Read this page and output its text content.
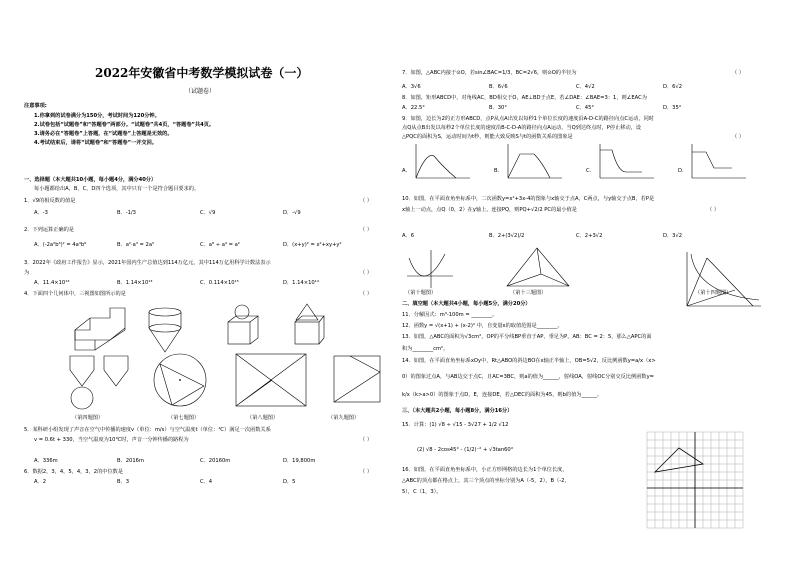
2022年安徽省中考数学模拟试卷（一）
（试题卷）
注意事项:
1.你拿到的试卷满分为150分，考试时间为120分钟。
2.试卷包括“试题卷”和“答题卷”两部分。“试题卷”共4页，“答题卷”共4页。
3.请务必在“答题卷”上答题，在“试题卷”上答题是无效的。
4.考试结束后，请将“试题卷”和“答题卷”一并交回。
一、选择题（本大题共10小题，每小题4分，满分40分）
每小题都给出A，B，C，D四个选项，其中只有一个是符合题目要求的。
1．√9的相反数的值是	（ ）
A．-3	B．-1/3	C．√9	D．-√9
2．下列运算正确的是	（ ）
A．(-2a²b³)² = 4a⁴b⁶	B．a²·a³ = 2a⁵	C．a⁸ ÷ a⁴ = a²	D．(x+y)² = x²+xy+y²
3．2022年《政府工作报告》显示，2021年国内生产总值达到114万亿元，其中114万亿用科学计数法表示
为	（ ）
A．11.4×10¹³	B．1.14×10¹³	C．0.114×10¹⁵	D．1.14×10¹⁴
4．下面四个几何体中，三视图如图所示的是	（ ）
（第四题图）	（第七题图）	（第八题图）	（第九题图）
5．某科研小组发现了声音在空气中传播的速度v（单位：m/s）与空气温度t（单位：℃）满足一次函数关系
v = 0.6t + 330，当空气温度为10℃时，声音一分钟传播的路程为	（ ）
A．336m	B．2016m	C．20160m	D．19,800m
6．数据2，3，4，5，4，3，2的中位数是	（ ）
A．2	B．3	C．4	D．5
7．如图，△ABC内接于⊙O，若sin∠BAC=1/3，BC=2√6，则⊙O的半径为	（ ）
A．3√6	B．6√6	C．4√2	D．6√2
8．如图，矩形ABCD中，对角线AC，BD相交于O，AE⊥BD于点E，若∠DAE：∠BAE=3：1，则∠EAC为
A．22.5°	B．30°	C．45°	D．35°
9．如图，边长为2的正方形ABCD，点P从点A出发以每秒1个单位长度的速度沿A-D-C的路径向点C运动，同时
点Q从点B出发以每秒2个单位长度的速度沿B-C-D-A的路径向点A运动，当Q到达终点时，P停止移动，设
△PQC的面积为S，运动时间为t秒，则能大致反映S与t的函数关系的图象是	（ ）
A.	B.	C.	D.
10．如图，在平面直角坐标系中，二次函数y=x²+3x-4的图象与x轴交于点A，C两点，与y轴交于点B，若P是
x轴上一动点，点Q（0，2）在y轴上，连接PQ，则PQ+√2/2 PC的最小值是	（ ）
A．6	B．2+(3√2)/2	C．2+3√2	D．3√2
（第十题图）	（第十三题图）	（第十四题图）
二、填空题（本大题共4小题，每小题5分，满分20分）
11．分解因式：m³-100m = ________。
12．函数y = √(x+1) + (x-2)⁰ 中，自变量x的取值范围是________。
13．如图，△ABC的面积为√3cm²，OP的平分线BP垂直于AP，垂足为P，AB：BC = 2：5，那么△APC的面
积为________cm²。
14．如图，在平面直角坐标系xOy中，Rt△ABO的斜边BO在x轴正半轴上，OB=5√2，反比例函数y=a/x（x>
0）的图象过点A，与AB边交于点C，且AC=3BC，则a的值为______，射线OA，射线OC分别交反比例函数y=
k/x（k>a>0）的图象于点D，E，连接DE，若△DEC的面积为45，则b的值为______。
三、（本大题共2小题，每小题8分，满分16分）
15．计算：(1) √8 ÷ √15 - 3√27 + 1/2 √12
(2) √8 - 2cos45° - (1/2)⁻² + √3tan60°
16．如图，在平面直角坐标系中，小正方形网格的边长为1个单位长度，
△ABC的顶点都在格点上，其三个顶点的坐标分别为A（-5，2），B（-2，
5），C（1，3）。
